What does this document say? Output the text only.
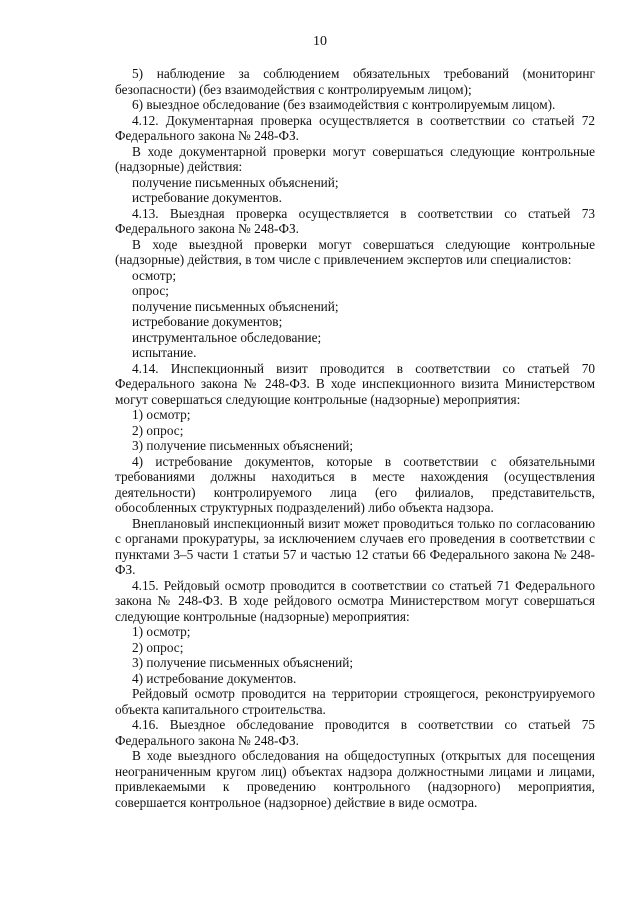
10

5) наблюдение за соблюдением обязательных требований (мониторинг безопасности) (без взаимодействия с контролируемым лицом);

6) выездное обследование (без взаимодействия с контролируемым лицом).

4.12. Документарная проверка осуществляется в соответствии со статьей 72 Федерального закона № 248-ФЗ.

В ходе документарной проверки могут совершаться следующие контрольные (надзорные) действия:

получение письменных объяснений;

истребование документов.

4.13. Выездная проверка осуществляется в соответствии со статьей 73 Федерального закона № 248-ФЗ.

В ходе выездной проверки могут совершаться следующие контрольные (надзорные) действия, в том числе с привлечением экспертов или специалистов:

осмотр;

опрос;

получение письменных объяснений;

истребование документов;

инструментальное обследование;

испытание.

4.14. Инспекционный визит проводится в соответствии со статьей 70 Федерального закона № 248-ФЗ. В ходе инспекционного визита Министерством могут совершаться следующие контрольные (надзорные) мероприятия:

1) осмотр;

2) опрос;

3) получение письменных объяснений;

4) истребование документов, которые в соответствии с обязательными требованиями должны находиться в месте нахождения (осуществления деятельности) контролируемого лица (его филиалов, представительств, обособленных структурных подразделений) либо объекта надзора.

Внеплановый инспекционный визит может проводиться только по согласованию с органами прокуратуры, за исключением случаев его проведения в соответствии с пунктами 3–5 части 1 статьи 57 и частью 12 статьи 66 Федерального закона № 248-ФЗ.

4.15. Рейдовый осмотр проводится в соответствии со статьей 71 Федерального закона № 248-ФЗ. В ходе рейдового осмотра Министерством могут совершаться следующие контрольные (надзорные) мероприятия:

1) осмотр;

2) опрос;

3) получение письменных объяснений;

4) истребование документов.

Рейдовый осмотр проводится на территории строящегося, реконструируемого объекта капитального строительства.

4.16. Выездное обследование проводится в соответствии со статьей 75 Федерального закона № 248-ФЗ.

В ходе выездного обследования на общедоступных (открытых для посещения неограниченным кругом лиц) объектах надзора должностными лицами и лицами, привлекаемыми к проведению контрольного (надзорного) мероприятия, совершается контрольное (надзорное) действие в виде осмотра.
